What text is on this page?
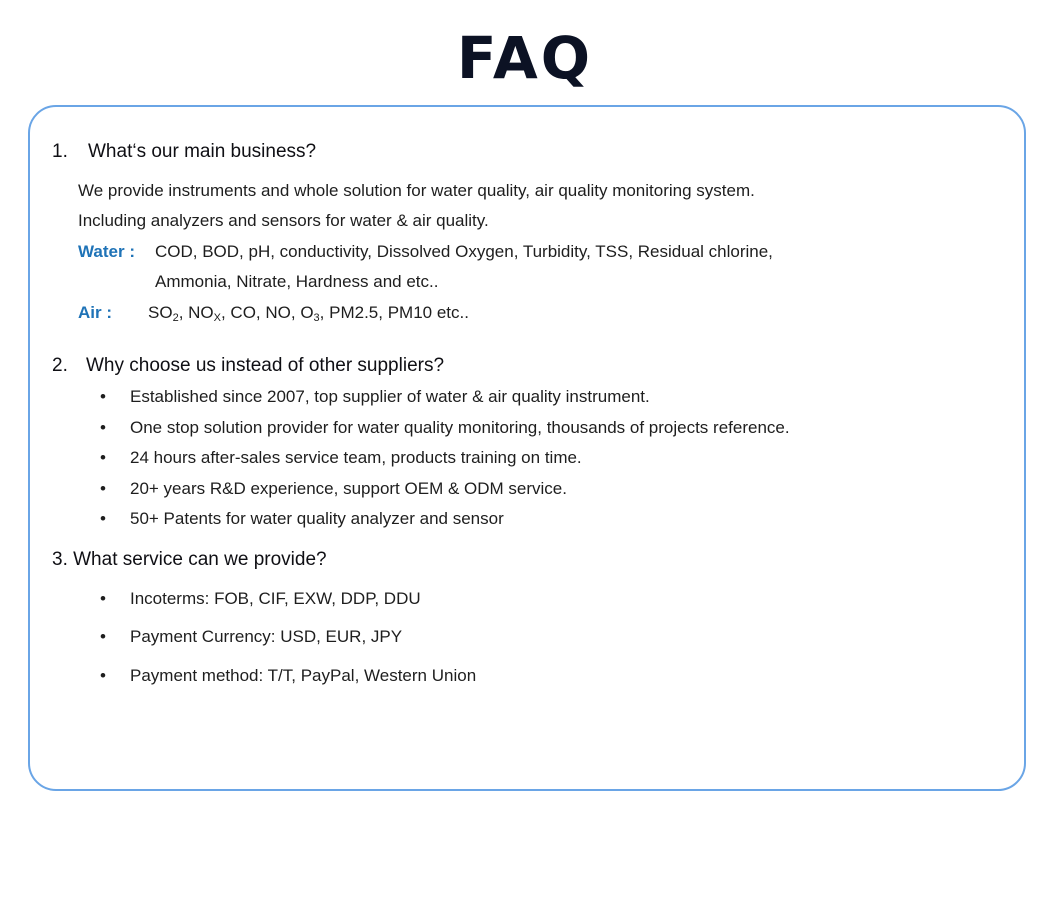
FAQ
1. What‘s our main business?
We provide instruments and whole solution for water quality, air quality monitoring system.
Including analyzers and sensors for water & air quality.
Water : COD, BOD, pH, conductivity, Dissolved Oxygen, Turbidity, TSS, Residual chlorine,
Ammonia, Nitrate, Hardness and etc..
Air : $SO_2$, $NO_X$, CO, NO, $O_3$, PM2.5, PM10 etc..
2. Why choose us instead of other suppliers?
• Established since 2007, top supplier of water & air quality instrument.
• One stop solution provider for water quality monitoring, thousands of projects reference.
• 24 hours after-sales service team, products training on time.
• 20+ years R&D experience, support OEM & ODM service.
• 50+ Patents for water quality analyzer and sensor
3. What service can we provide?
• Incoterms: FOB, CIF, EXW, DDP, DDU
• Payment Currency: USD, EUR, JPY
• Payment method: T/T, PayPal, Western Union
